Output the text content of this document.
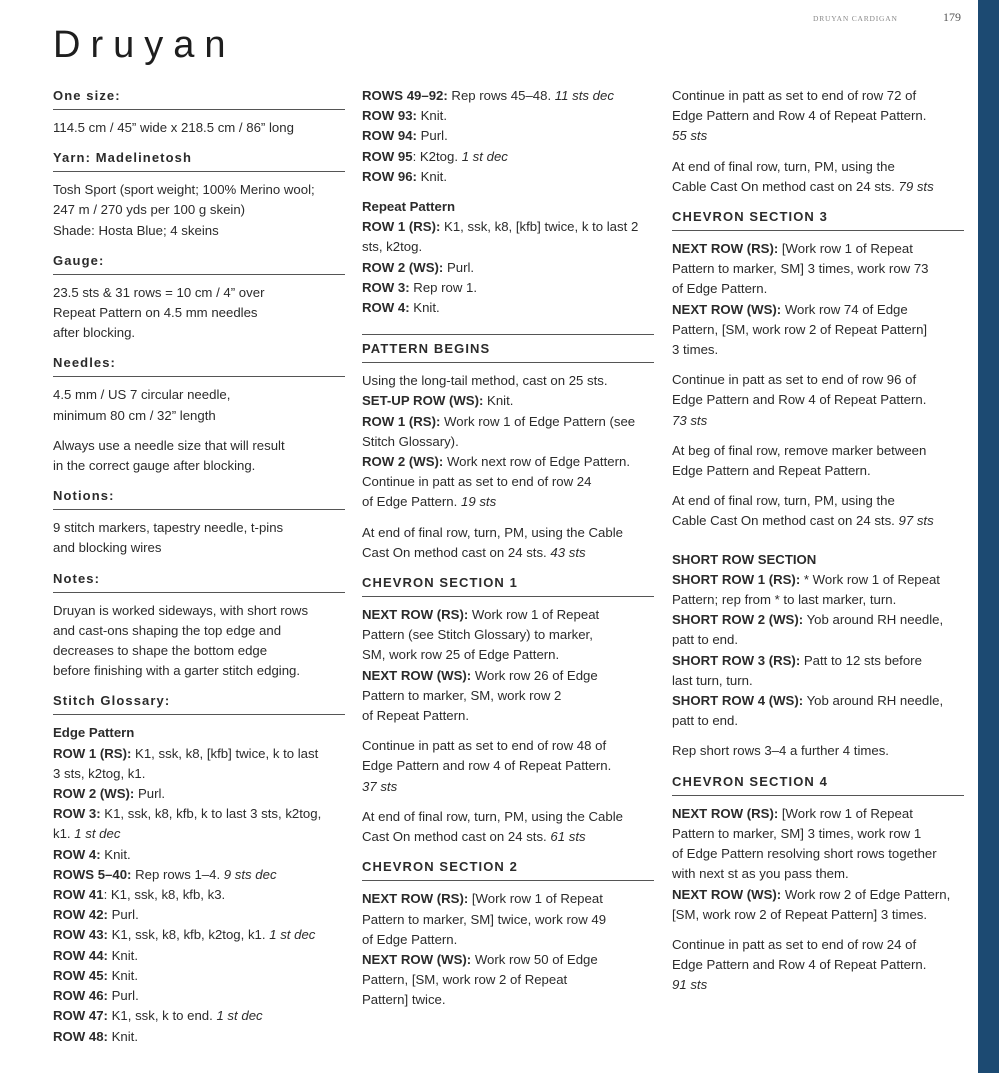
DRUYAN CARDIGAN	179
Druyan
One size:

114.5 cm / 45” wide x 218.5 cm / 86” long

Yarn: Madelinetosh

Tosh Sport (sport weight; 100% Merino wool;
247 m / 270 yds per 100 g skein)
Shade: Hosta Blue; 4 skeins

Gauge:

23.5 sts & 31 rows = 10 cm / 4” over
Repeat Pattern on 4.5 mm needles
after blocking.

Needles:

4.5 mm / US 7 circular needle,
minimum 80 cm / 32” length

Always use a needle size that will result
in the correct gauge after blocking.

Notions:

9 stitch markers, tapestry needle, t-pins
and blocking wires

Notes:

Druyan is worked sideways, with short rows
and cast-ons shaping the top edge and
decreases to shape the bottom edge
before finishing with a garter stitch edging.

Stitch Glossary:
Edge Pattern
ROW 1 (RS): K1, ssk, k8, [kfb] twice, k to last
3 sts, k2tog, k1.
ROW 2 (WS): Purl.
ROW 3: K1, ssk, k8, kfb, k to last 3 sts, k2tog,
k1. 1 st dec
ROW 4: Knit.
ROWS 5–40: Rep rows 1–4. 9 sts dec
ROW 41: K1, ssk, k8, kfb, k3.
ROW 42: Purl.
ROW 43: K1, ssk, k8, kfb, k2tog, k1. 1 st dec
ROW 44: Knit.
ROW 45: Knit.
ROW 46: Purl.
ROW 47: K1, ssk, k to end. 1 st dec
ROW 48: Knit.
ROWS 49–92: Rep rows 45–48. 11 sts dec
ROW 93: Knit.
ROW 94: Purl.
ROW 95: K2tog. 1 st dec
ROW 96: Knit.
Repeat Pattern
ROW 1 (RS): K1, ssk, k8, [kfb] twice, k to last 2
sts, k2tog.
ROW 2 (WS): Purl.
ROW 3: Rep row 1.
ROW 4: Knit.
PATTERN BEGINS

Using the long-tail method, cast on 25 sts.
SET-UP ROW (WS): Knit.
ROW 1 (RS): Work row 1 of Edge Pattern (see
Stitch Glossary).
ROW 2 (WS): Work next row of Edge Pattern.
Continue in patt as set to end of row 24
of Edge Pattern. 19 sts

At end of final row, turn, PM, using the Cable
Cast On method cast on 24 sts. 43 sts

CHEVRON SECTION 1

NEXT ROW (RS): Work row 1 of Repeat
Pattern (see Stitch Glossary) to marker,
SM, work row 25 of Edge Pattern.
NEXT ROW (WS): Work row 26 of Edge
Pattern to marker, SM, work row 2
of Repeat Pattern.

Continue in patt as set to end of row 48 of
Edge Pattern and row 4 of Repeat Pattern.
37 sts

At end of final row, turn, PM, using the Cable
Cast On method cast on 24 sts. 61 sts

CHEVRON SECTION 2

NEXT ROW (RS): [Work row 1 of Repeat
Pattern to marker, SM] twice, work row 49
of Edge Pattern.
NEXT ROW (WS): Work row 50 of Edge
Pattern, [SM, work row 2 of Repeat
Pattern] twice.

Continue in patt as set to end of row 72 of
Edge Pattern and Row 4 of Repeat Pattern.
55 sts

At end of final row, turn, PM, using the
Cable Cast On method cast on 24 sts. 79 sts

CHEVRON SECTION 3

NEXT ROW (RS): [Work row 1 of Repeat
Pattern to marker, SM] 3 times, work row 73
of Edge Pattern.
NEXT ROW (WS): Work row 74 of Edge
Pattern, [SM, work row 2 of Repeat Pattern]
3 times.

Continue in patt as set to end of row 96 of
Edge Pattern and Row 4 of Repeat Pattern.
73 sts

At beg of final row, remove marker between
Edge Pattern and Repeat Pattern.

At end of final row, turn, PM, using the
Cable Cast On method cast on 24 sts. 97 sts

SHORT ROW SECTION

SHORT ROW 1 (RS): * Work row 1 of Repeat
Pattern; rep from * to last marker, turn.
SHORT ROW 2 (WS): Yob around RH needle,
patt to end.
SHORT ROW 3 (RS): Patt to 12 sts before
last turn, turn.
SHORT ROW 4 (WS): Yob around RH needle,
patt to end.

Rep short rows 3–4 a further 4 times.

CHEVRON SECTION 4

NEXT ROW (RS): [Work row 1 of Repeat
Pattern to marker, SM] 3 times, work row 1
of Edge Pattern resolving short rows together
with next st as you pass them.
NEXT ROW (WS): Work row 2 of Edge Pattern,
[SM, work row 2 of Repeat Pattern] 3 times.

Continue in patt as set to end of row 24 of
Edge Pattern and Row 4 of Repeat Pattern.
91 sts
